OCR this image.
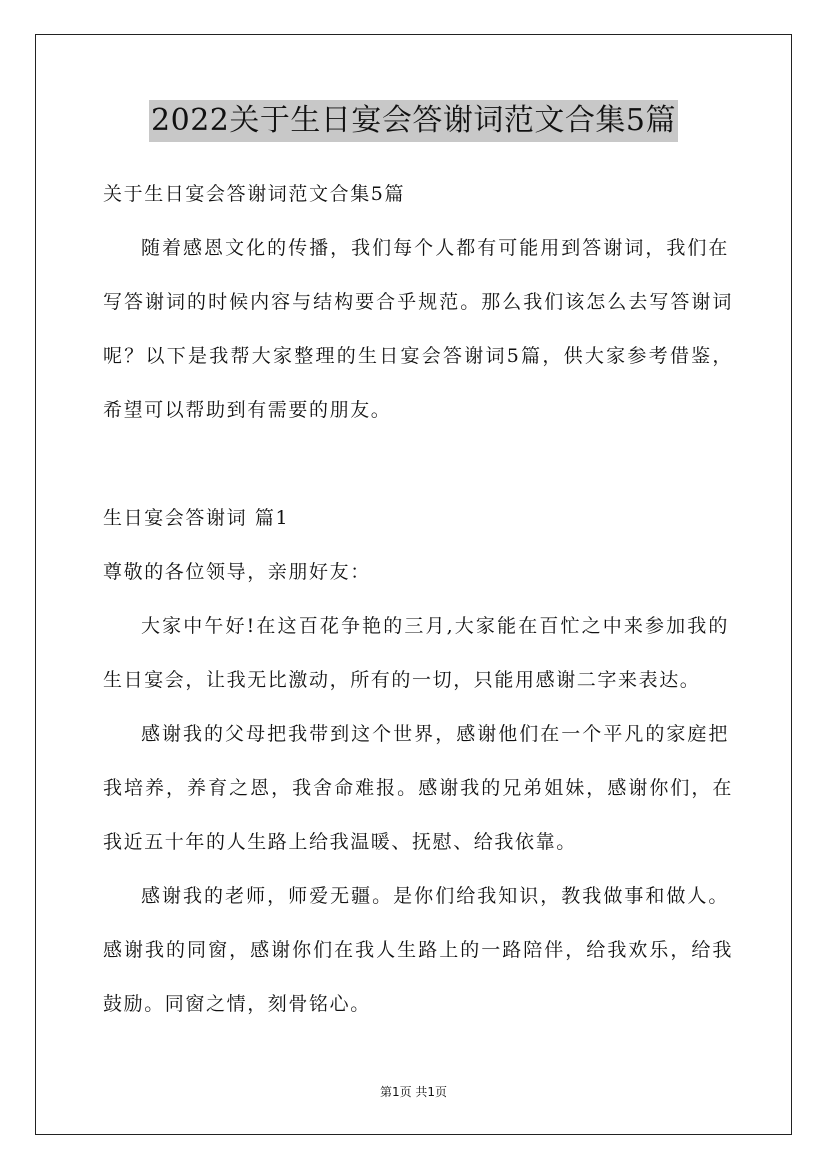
2022关于生日宴会答谢词范文合集5篇
关于生日宴会答谢词范文合集5篇
随着感恩文化的传播，我们每个人都有可能用到答谢词，我们在
写答谢词的时候内容与结构要合乎规范。那么我们该怎么去写答谢词
呢？以下是我帮大家整理的生日宴会答谢词5篇，供大家参考借鉴，
希望可以帮助到有需要的朋友。
生日宴会答谢词 篇1
尊敬的各位领导，亲朋好友：
大家中午好!在这百花争艳的三月,大家能在百忙之中来参加我的
生日宴会，让我无比激动，所有的一切，只能用感谢二字来表达。
感谢我的父母把我带到这个世界，感谢他们在一个平凡的家庭把
我培养，养育之恩，我舍命难报。感谢我的兄弟姐妹，感谢你们，在
我近五十年的人生路上给我温暖、抚慰、给我依靠。
感谢我的老师，师爱无疆。是你们给我知识，教我做事和做人。
感谢我的同窗，感谢你们在我人生路上的一路陪伴，给我欢乐，给我
鼓励。同窗之情，刻骨铭心。
第1页 共1页
